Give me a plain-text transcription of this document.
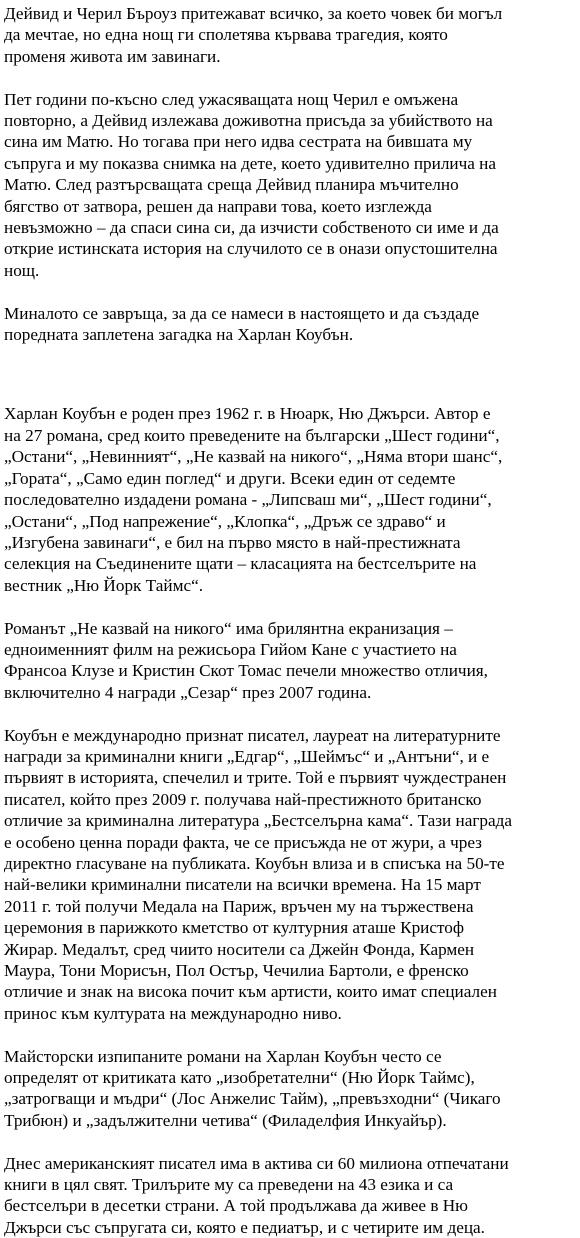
Дейвид и Черил Бъроуз притежават всичко, за което човек би могъл
да мечтае, но една нощ ги сполетява кървава трагедия, която
променя живота им завинаги.

Пет години по-късно след ужасяващата нощ Черил е омъжена
повторно, а Дейвид излежава доживотна присъда за убийството на
сина им Матю. Но тогава при него идва сестрата на бившата му
съпруга и му показва снимка на дете, което удивително прилича на
Матю. След разтърсващата среща Дейвид планира мъчително
бягство от затвора, решен да направи това, което изглежда
невъзможно – да спаси сина си, да изчисти собственото си име и да
открие истинската история на случилото се в онази опустошителна
нощ.

Миналото се завръща, за да се намеси в настоящето и да създаде
поредната заплетена загадка на Харлан Коубън.

Харлан Коубън е роден през 1962 г. в Нюарк, Ню Джърси. Автор е
на 27 романа, сред които преведените на български „Шест години“,
„Остани“, „Невинният“, „Не казвай на никого“, „Няма втори шанс“,
„Гората“, „Само един поглед“ и други. Всеки един от седемте
последователно издадени романа - „Липсваш ми“, „Шест години“,
„Остани“, „Под напрежение“, „Клопка“, „Дръж се здраво“ и
„Изгубена завинаги“, е бил на първо място в най-престижната
селекция на Съединените щати – класацията на бестселърите на
вестник „Ню Йорк Таймс“.

Романът „Не казвай на никого“ има брилянтна екранизация –
едноименният филм на режисьора Гийом Кане с участието на
Франсоа Клузе и Кристин Скот Томас печели множество отличия,
включително 4 награди „Сезар“ през 2007 година.

Коубън е международно признат писател, лауреат на литературните
награди за криминални книги „Едгар“, „Шеймъс“ и „Антъни“, и е
първият в историята, спечелил и трите. Той е първият чуждестранен
писател, който през 2009 г. получава най-престижното британско
отличие за криминална литература „Бестселърна кама“. Тази награда
е особено ценна поради факта, че се присъжда не от жури, а чрез
директно гласуване на публиката. Коубън влиза и в списъка на 50-те
най-велики криминални писатели на всички времена. На 15 март
2011 г. той получи Медала на Париж, връчен му на тържествена
церемония в парижкото кметство от културния аташе Кристоф
Жирар. Медалът, сред чиито носители са Джейн Фонда, Кармен
Маура, Тони Морисън, Пол Остър, Чечилиа Бартоли, е френско
отличие и знак на висока почит към артисти, които имат специален
принос към културата на международно ниво.

Майсторски изпипаните романи на Харлан Коубън често се
определят от критиката като „изобретателни“ (Ню Йорк Таймс),
„затрогващи и мъдри“ (Лос Анжелис Тайм), „превъзходни“ (Чикаго
Трибюн) и „задължителни четива“ (Филаделфия Инкуайър).

Днес американският писател има в актива си 60 милиона отпечатани
книги в цял свят. Трилърите му са преведени на 43 езика и са
бестселъри в десетки страни. А той продължава да живее в Ню
Джърси със съпругата си, която е педиатър, и с четирите им деца.
